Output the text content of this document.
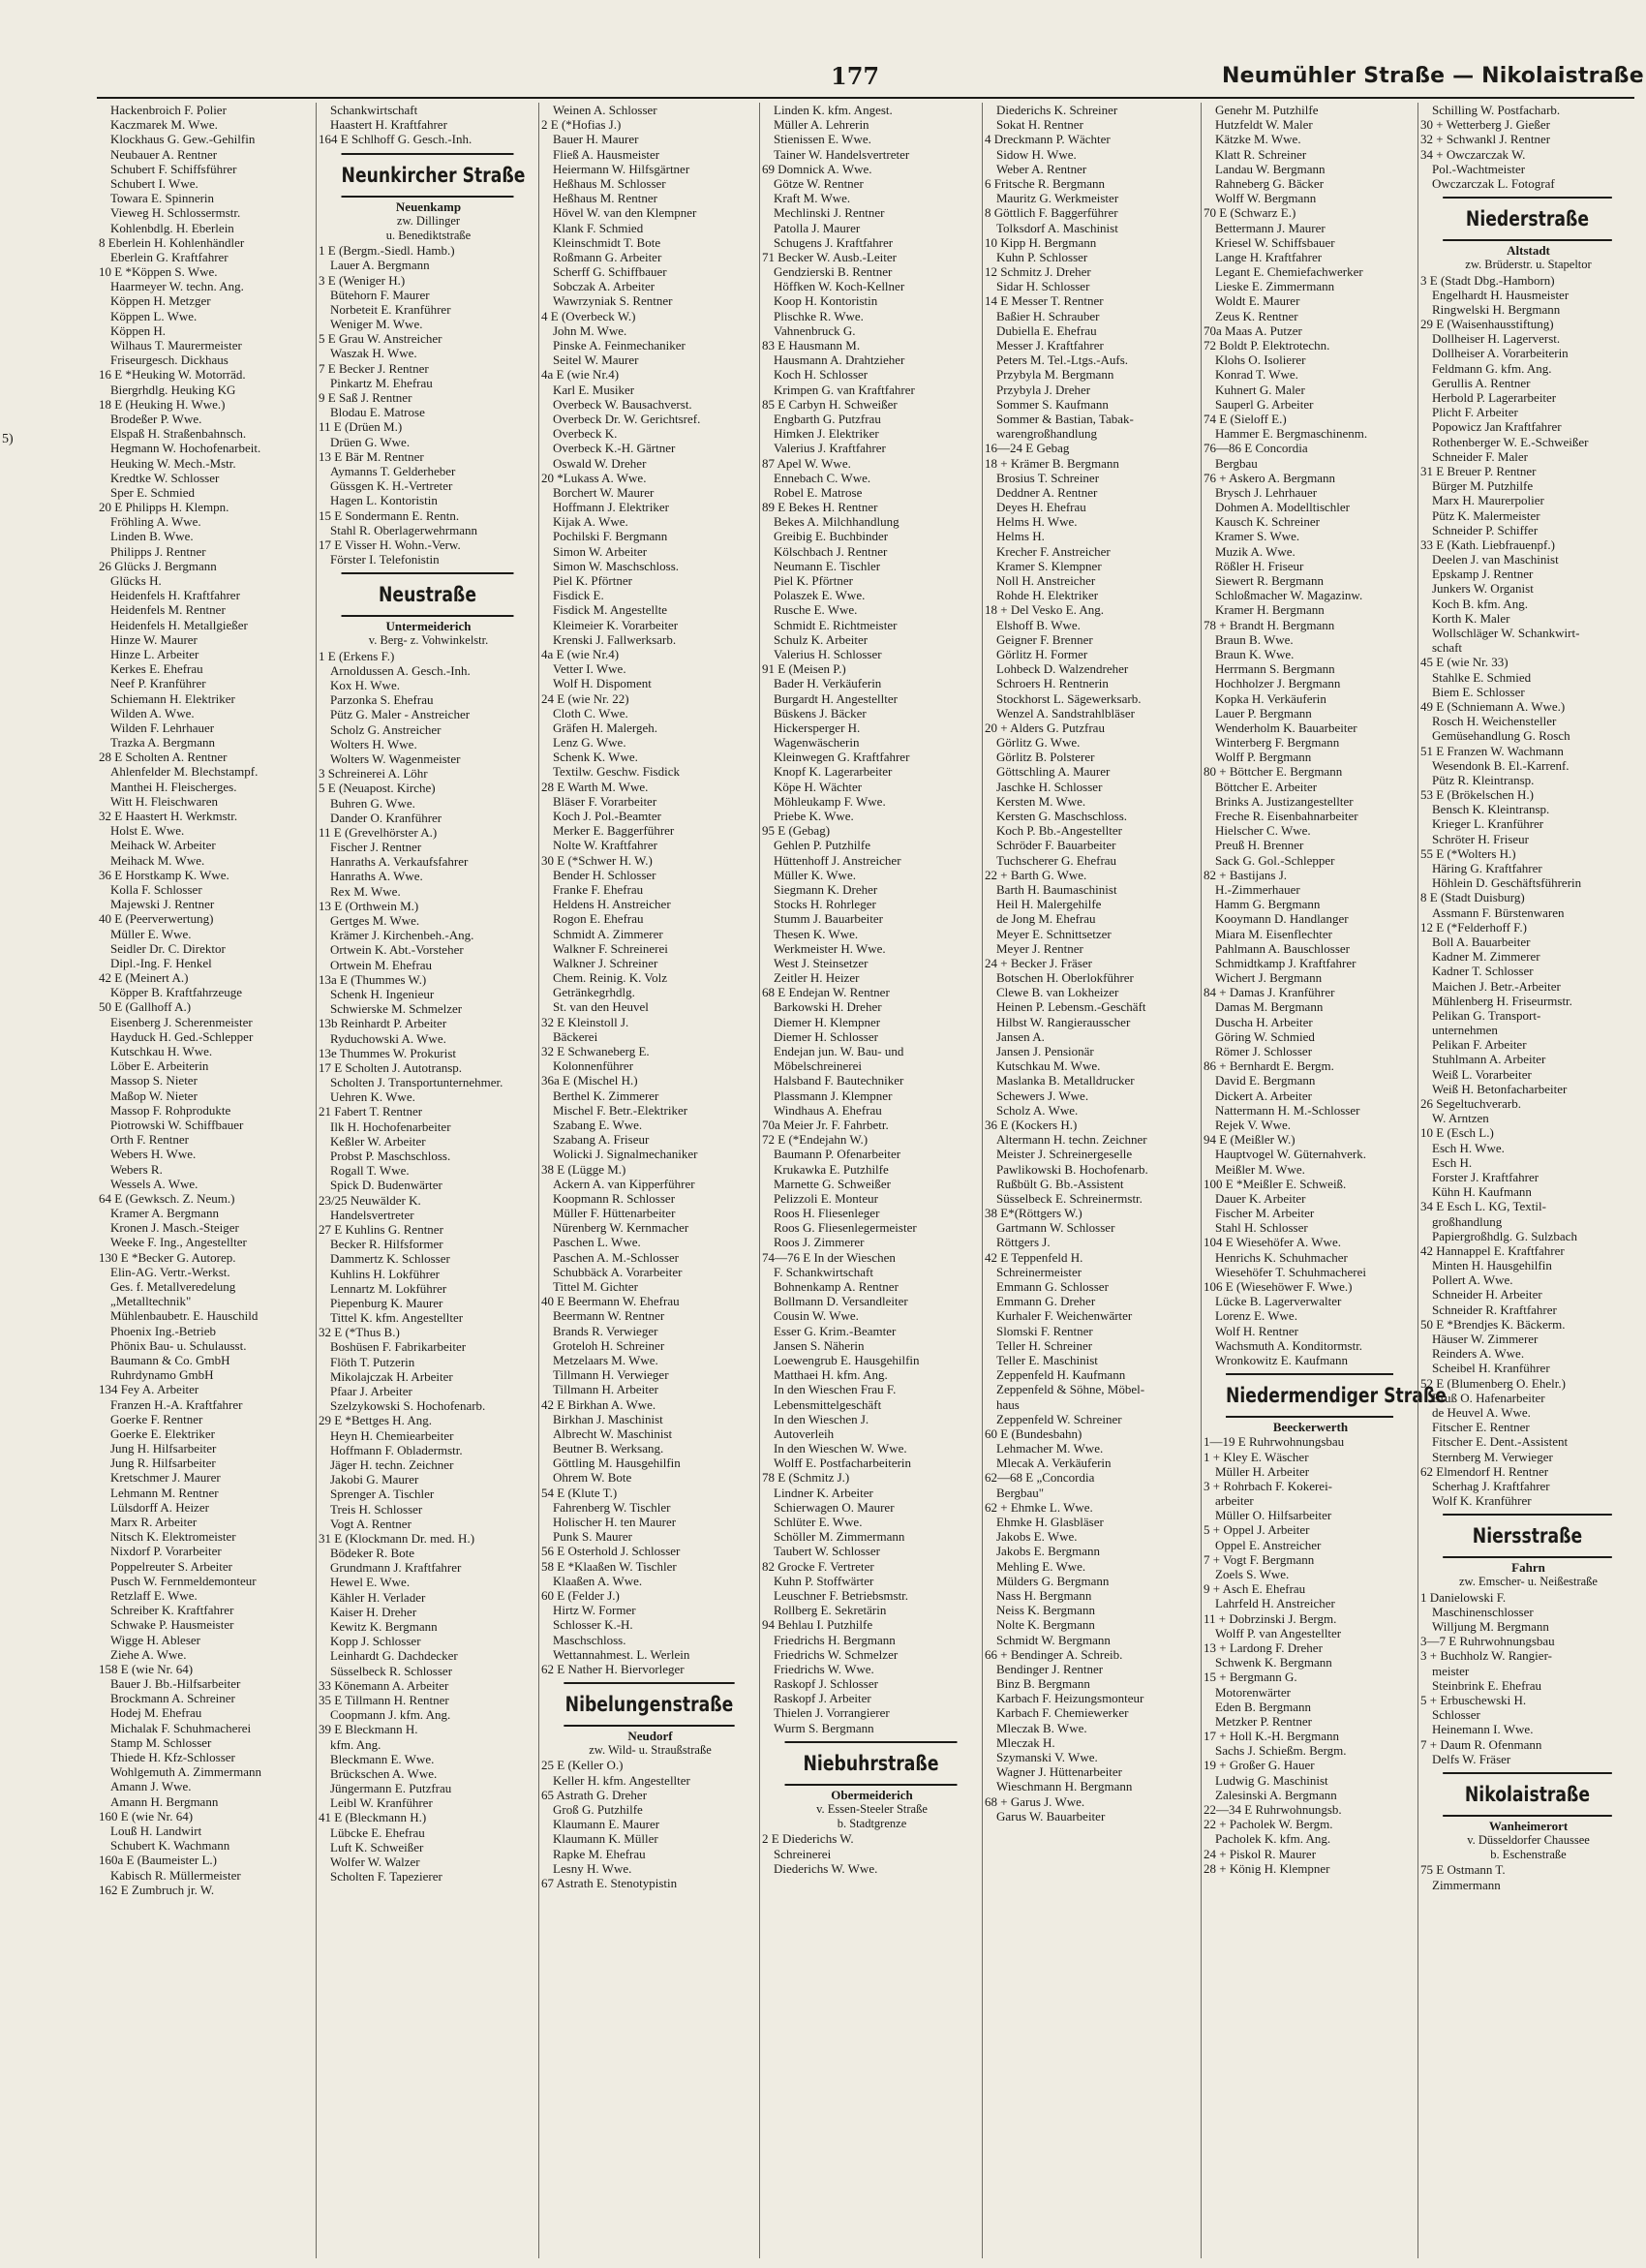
177	Neumühler Straße — Nikolaistraße
5)
Hackenbroich F. Polier
Kaczmarek M. Wwe.
Klockhaus G. Gew.-Gehilfin
Neubauer A. Rentner
Schubert F. Schiffsführer
Schubert I. Wwe.
Towara E. Spinnerin
Vieweg H. Schlossermstr.
Kohlenbdlg. H. Eberlein
8 Eberlein H. Kohlenhändler
Eberlein G. Kraftfahrer
10 E *Köppen S. Wwe.
Haarmeyer W. techn. Ang.
Köppen H. Metzger
Köppen L. Wwe.
Köppen H.
Wilhaus T. Maurermeister
Friseurgesch. Dickhaus
16 E *Heuking W. Motorräd.
Biergrhdlg. Heuking KG
18 E (Heuking H. Wwe.)
Brodeßer P. Wwe.
Elspaß H. Straßenbahnsch.
Hegmann W. Hochofenarbeit.
Heuking W. Mech.-Mstr.
Kredtke W. Schlosser
Sper E. Schmied
20 E Philipps H. Klempn.
Fröhling A. Wwe.
Linden B. Wwe.
Philipps J. Rentner
26 Glücks J. Bergmann
Glücks H.
Heidenfels H. Kraftfahrer
Heidenfels M. Rentner
Heidenfels H. Metallgießer
Hinze W. Maurer
Hinze L. Arbeiter
Kerkes E. Ehefrau
Neef P. Kranführer
Schiemann H. Elektriker
Wilden A. Wwe.
Wilden F. Lehrhauer
Trazka A. Bergmann
28 E Scholten A. Rentner
Ahlenfelder M. Blechstampf.
Manthei H. Fleischerges.
Witt H. Fleischwaren
32 E Haastert H. Werkmstr.
Holst E. Wwe.
Meihack W. Arbeiter
Meihack M. Wwe.
36 E Horstkamp K. Wwe.
Kolla F. Schlosser
Majewski J. Rentner
40 E (Peerverwertung)
Müller E. Wwe.
Seidler Dr. C. Direktor
Dipl.-Ing. F. Henkel
42 E (Meinert A.)
Köpper B. Kraftfahrzeuge
50 E (Gallhoff A.)
Eisenberg J. Scherenmeister
Hayduck H. Ged.-Schlepper
Kutschkau H. Wwe.
Löber E. Arbeiterin
Massop S. Nieter
Maßop W. Nieter
Massop F. Rohprodukte
Piotrowski W. Schiffbauer
Orth F. Rentner
Webers H. Wwe.
Webers R.
Wessels A. Wwe.
64 E (Gewksch. Z. Neum.)
Kramer A. Bergmann
Kronen J. Masch.-Steiger
Weeke F. Ing., Angestellter
130 E *Becker G. Autorep.
Elin-AG. Vertr.-Werkst.
Ges. f. Metallveredelung
„Metalltechnik"
Mühlenbaubetr. E. Hauschild
Phoenix Ing.-Betrieb
Phönix Bau- u. Schulausst.
Baumann & Co. GmbH
Ruhrdynamo GmbH
134 Fey A. Arbeiter
Franzen H.-A. Kraftfahrer
Goerke F. Rentner
Goerke E. Elektriker
Jung H. Hilfsarbeiter
Jung R. Hilfsarbeiter
Kretschmer J. Maurer
Lehmann M. Rentner
Lülsdorff A. Heizer
Marx R. Arbeiter
Nitsch K. Elektromeister
Nixdorf P. Vorarbeiter
Poppelreuter S. Arbeiter
Pusch W. Fernmeldemonteur
Retzlaff E. Wwe.
Schreiber K. Kraftfahrer
Schwake P. Hausmeister
Wigge H. Ableser
Ziehe A. Wwe.
158 E (wie Nr. 64)
Bauer J. Bb.-Hilfsarbeiter
Brockmann A. Schreiner
Hodej M. Ehefrau
Michalak F. Schuhmacherei
Stamp M. Schlosser
Thiede H. Kfz-Schlosser
Wohlgemuth A. Zimmermann
Amann J. Wwe.
Amann H. Bergmann
160 E (wie Nr. 64)
Louß H. Landwirt
Schubert K. Wachmann
160a E (Baumeister L.)
Kabisch R. Müllermeister
162 E Zumbruch jr. W.
Schankwirtschaft
Haastert H. Kraftfahrer
164 E Schlhoff G. Gesch.-Inh.
Neunkircher Straße
Neuenkamp
zw. Dillinger
u. Benediktstraße
1 E (Bergm.-Siedl. Hamb.)
Lauer A. Bergmann
3 E (Weniger H.)
Bütehorn F. Maurer
Norbeteit E. Kranführer
Weniger M. Wwe.
5 E Grau W. Anstreicher
Waszak H. Wwe.
7 E Becker J. Rentner
Pinkartz M. Ehefrau
9 E Saß J. Rentner
Blodau E. Matrose
11 E (Drüen M.)
Drüen G. Wwe.
13 E Bär M. Rentner
Aymanns T. Gelderheber
Güssgen K. H.-Vertreter
Hagen L. Kontoristin
15 E Sondermann E. Rentn.
Stahl R. Oberlagerwehrmann
17 E Visser H. Wohn.-Verw.
Förster I. Telefonistin
Neustraße
Untermeiderich
v. Berg- z. Vohwinkelstr.
1 E (Erkens F.)
Arnoldussen A. Gesch.-Inh.
Kox H. Wwe.
Parzonka S. Ehefrau
Pütz G. Maler - Anstreicher
Scholz G. Anstreicher
Wolters H. Wwe.
Wolters W. Wagenmeister
3 Schreinerei A. Löhr
5 E (Neuapost. Kirche)
Buhren G. Wwe.
Dander O. Kranführer
11 E (Grevelhörster A.)
Fischer J. Rentner
Hanraths A. Verkaufsfahrer
Hanraths A. Wwe.
Rex M. Wwe.
13 E (Orthwein M.)
Gertges M. Wwe.
Krämer J. Kirchenbeh.-Ang.
Ortwein K. Abt.-Vorsteher
Ortwein M. Ehefrau
13a E (Thummes W.)
Schenk H. Ingenieur
Schwierske M. Schmelzer
13b Reinhardt P. Arbeiter
Ryduchowski A. Wwe.
13e Thummes W. Prokurist
17 E Scholten J. Autotransp.
Scholten J. Transportunternehmer.
Uehren K. Wwe.
21 Fabert T. Rentner
Ilk H. Hochofenarbeiter
Keßler W. Arbeiter
Probst P. Maschschloss.
Rogall T. Wwe.
Spick D. Budenwärter
23/25 Neuwälder K.
Handelsvertreter
27 E Kuhlins G. Rentner
Becker R. Hilfsformer
Dammertz K. Schlosser
Kuhlins H. Lokführer
Lennartz M. Lokführer
Piepenburg K. Maurer
Tittel K. kfm. Angestellter
32 E (*Thus B.)
Boshüsen F. Fabrikarbeiter
Flöth T. Putzerin
Mikolajczak H. Arbeiter
Pfaar J. Arbeiter
Szelzykowski S. Hochofenarb.
29 E *Bettges H. Ang.
Heyn H. Chemiearbeiter
Hoffmann F. Obladermstr.
Jäger H. techn. Zeichner
Jakobi G. Maurer
Sprenger A. Tischler
Treis H. Schlosser
Vogt A. Rentner
31 E (Klockmann Dr. med. H.)
Bödeker R. Bote
Grundmann J. Kraftfahrer
Hewel E. Wwe.
Kähler H. Verlader
Kaiser H. Dreher
Kewitz K. Bergmann
Kopp J. Schlosser
Leinhardt G. Dachdecker
Süsselbeck R. Schlosser
33 Könemann A. Arbeiter
35 E Tillmann H. Rentner
Coopmann J. kfm. Ang.
39 E Bleckmann H.
kfm. Ang.
Bleckmann E. Wwe.
Brückschen A. Wwe.
Jüngermann E. Putzfrau
Leibl W. Kranführer
41 E (Bleckmann H.)
Lübcke E. Ehefrau
Luft K. Schweißer
Wolfer W. Walzer
Scholten F. Tapezierer
Weinen A. Schlosser
2 E (*Hofias J.)
Bauer H. Maurer
Fließ A. Hausmeister
Heiermann W. Hilfsgärtner
Heßhaus M. Schlosser
Heßhaus M. Rentner
Hövel W. van den Klempner
Klank F. Schmied
Kleinschmidt T. Bote
Roßmann G. Arbeiter
Scherff G. Schiffbauer
Sobczak A. Arbeiter
Wawrzyniak S. Rentner
4 E (Overbeck W.)
John M. Wwe.
Pinske A. Feinmechaniker
Seitel W. Maurer
4a E (wie Nr.4)
Karl E. Musiker
Overbeck W. Bausachverst.
Overbeck Dr. W. Gerichtsref.
Overbeck K.
Overbeck K.-H. Gärtner
Oswald W. Dreher
20 *Lukass A. Wwe.
Borchert W. Maurer
Hoffmann J. Elektriker
Kijak A. Wwe.
Pochilski F. Bergmann
Simon W. Arbeiter
Simon W. Maschschloss.
Piel K. Pförtner
Fisdick E.
Fisdick M. Angestellte
Kleimeier K. Vorarbeiter
Krenski J. Fallwerksarb.
4a E (wie Nr.4)
Vetter I. Wwe.
Wolf H. Dispoment
24 E (wie Nr. 22)
Cloth C. Wwe.
Gräfen H. Malergeh.
Lenz G. Wwe.
Schenk K. Wwe.
Textilw. Geschw. Fisdick
28 E Warth M. Wwe.
Bläser F. Vorarbeiter
Koch J. Pol.-Beamter
Merker E. Baggerführer
Nolte W. Kraftfahrer
30 E (*Schwer H. W.)
Bender H. Schlosser
Franke F. Ehefrau
Heldens H. Anstreicher
Rogon E. Ehefrau
Schmidt A. Zimmerer
Walkner F. Schreinerei
Walkner J. Schreiner
Chem. Reinig. K. Volz
Getränkegrhdlg.
St. van den Heuvel
32 E Kleinstoll J.
Bäckerei
32 E Schwaneberg E.
Kolonnenführer
36a E (Mischel H.)
Berthel K. Zimmerer
Mischel F. Betr.-Elektriker
Szabang E. Wwe.
Szabang A. Friseur
Wolicki J. Signalmechaniker
38 E (Lügge M.)
Ackern A. van Kipperführer
Koopmann R. Schlosser
Müller F. Hüttenarbeiter
Nürenberg W. Kernmacher
Paschen L. Wwe.
Paschen A. M.-Schlosser
Schubbäck A. Vorarbeiter
Tittel M. Gichter
40 E Beermann W. Ehefrau
Beermann W. Rentner
Brands R. Verwieger
Groteloh H. Schreiner
Metzelaars M. Wwe.
Tillmann H. Verwieger
Tillmann H. Arbeiter
42 E Birkhan A. Wwe.
Birkhan J. Maschinist
Albrecht W. Maschinist
Beutner B. Werksang.
Göttling M. Hausgehilfin
Ohrem W. Bote
54 E (Klute T.)
Fahrenberg W. Tischler
Holischer H. ten Maurer
Punk S. Maurer
56 E Osterhold J. Schlosser
58 E *Klaaßen W. Tischler
Klaaßen A. Wwe.
60 E (Felder J.)
Hirtz W. Former
Schlosser K.-H.
Maschschloss.
Wettannahmest. L. Werlein
62 E Nather H. Biervorleger
Nibelungenstraße
Neudorf
zw. Wild- u. Straußstraße
25 E (Keller O.)
Keller H. kfm. Angestellter
65 Astrath G. Dreher
Groß G. Putzhilfe
Klaumann E. Maurer
Klaumann K. Müller
Rapke M. Ehefrau
Lesny H. Wwe.
67 Astrath E. Stenotypistin
Linden K. kfm. Angest.
Müller A. Lehrerin
Stienissen E. Wwe.
Tainer W. Handelsvertreter
69 Domnick A. Wwe.
Götze W. Rentner
Kraft M. Wwe.
Mechlinski J. Rentner
Patolla J. Maurer
Schugens J. Kraftfahrer
71 Becker W. Ausb.-Leiter
Gendzierski B. Rentner
Höffken W. Koch-Kellner
Koop H. Kontoristin
Plischke R. Wwe.
Vahnenbruck G.
83 E Hausmann M.
Hausmann A. Drahtzieher
Koch H. Schlosser
Krimpen G. van Kraftfahrer
85 E Carbyn H. Schweißer
Engbarth G. Putzfrau
Himken J. Elektriker
Valerius J. Kraftfahrer
87 Apel W. Wwe.
Ennebach C. Wwe.
Robel E. Matrose
89 E Bekes H. Rentner
Bekes A. Milchhandlung
Greibig E. Buchbinder
Kölschbach J. Rentner
Neumann E. Tischler
Piel K. Pförtner
Polaszek E. Wwe.
Rusche E. Wwe.
Schmidt E. Richtmeister
Schulz K. Arbeiter
Valerius H. Schlosser
91 E (Meisen P.)
Bader H. Verkäuferin
Burgardt H. Angestellter
Büskens J. Bäcker
Hickersperger H.
Wagenwäscherin
Kleinwegen G. Kraftfahrer
Knopf K. Lagerarbeiter
Köpe H. Wächter
Möhleukamp F. Wwe.
Priebe K. Wwe.
95 E (Gebag)
Gehlen P. Putzhilfe
Hüttenhoff J. Anstreicher
Müller K. Wwe.
Siegmann K. Dreher
Stocks H. Rohrleger
Stumm J. Bauarbeiter
Thesen K. Wwe.
Werkmeister H. Wwe.
West J. Steinsetzer
Zeitler H. Heizer
68 E Endejan W. Rentner
Barkowski H. Dreher
Diemer H. Klempner
Diemer H. Schlosser
Endejan jun. W. Bau- und
Möbelschreinerei
Halsband F. Bautechniker
Plassmann J. Klempner
Windhaus A. Ehefrau
70a Meier Jr. F. Fahrbetr.
72 E (*Endejahn W.)
Baumann P. Ofenarbeiter
Krukawka E. Putzhilfe
Marnette G. Schweißer
Pelizzoli E. Monteur
Roos H. Fliesenleger
Roos G. Fliesenlegermeister
Roos J. Zimmerer
74—76 E In der Wieschen
F. Schankwirtschaft
Bohnenkamp A. Rentner
Bollmann D. Versandleiter
Cousin W. Wwe.
Esser G. Krim.-Beamter
Jansen S. Näherin
Loewengrub E. Hausgehilfin
Matthaei H. kfm. Ang.
In den Wieschen Frau F.
Lebensmittelgeschäft
In den Wieschen J.
Autoverleih
In den Wieschen W. Wwe.
Wolff E. Postfacharbeiterin
78 E (Schmitz J.)
Lindner K. Arbeiter
Schierwagen O. Maurer
Schlüter E. Wwe.
Schöller M. Zimmermann
Taubert W. Schlosser
82 Grocke F. Vertreter
Kuhn P. Stoffwärter
Leuschner F. Betriebsmstr.
Rollberg E. Sekretärin
94 Behlau I. Putzhilfe
Friedrichs H. Bergmann
Friedrichs W. Schmelzer
Friedrichs W. Wwe.
Raskopf J. Schlosser
Raskopf J. Arbeiter
Thielen J. Vorrangierer
Wurm S. Bergmann
Niebuhrstraße
Obermeiderich
v. Essen-Steeler Straße
b. Stadtgrenze
2 E Diederichs W.
Schreinerei
Diederichs W. Wwe.
Diederichs K. Schreiner
Sokat H. Rentner
4 Dreckmann P. Wächter
Sidow H. Wwe.
Weber A. Rentner
6 Fritsche R. Bergmann
Mauritz G. Werkmeister
8 Göttlich F. Baggerführer
Tolksdorf A. Maschinist
10 Kipp H. Bergmann
Kuhn P. Schlosser
12 Schmitz J. Dreher
Sidar H. Schlosser
14 E Messer T. Rentner
Baßier H. Schrauber
Dubiella E. Ehefrau
Messer J. Kraftfahrer
Peters M. Tel.-Ltgs.-Aufs.
Przybyla M. Bergmann
Przybyla J. Dreher
Sommer S. Kaufmann
Sommer & Bastian, Tabak-
warengroßhandlung
16—24 E Gebag
18 + Krämer B. Bergmann
Brosius T. Schreiner
Deddner A. Rentner
Deyes H. Ehefrau
Helms H. Wwe.
Helms H.
Krecher F. Anstreicher
Kramer S. Klempner
Noll H. Anstreicher
Rohde H. Elektriker
18 + Del Vesko E. Ang.
Elshoff B. Wwe.
Geigner F. Brenner
Görlitz H. Former
Lohbeck D. Walzendreher
Schroers H. Rentnerin
Stockhorst L. Sägewerksarb.
Wenzel A. Sandstrahlbläser
20 + Alders G. Putzfrau
Görlitz G. Wwe.
Görlitz B. Polsterer
Göttschling A. Maurer
Jaschke H. Schlosser
Kersten M. Wwe.
Kersten G. Maschschloss.
Koch P. Bb.-Angestellter
Schröder F. Bauarbeiter
Tuchscherer G. Ehefrau
22 + Barth G. Wwe.
Barth H. Baumaschinist
Heil H. Malergehilfe
de Jong M. Ehefrau
Meyer E. Schnittsetzer
Meyer J. Rentner
24 + Becker J. Fräser
Botschen H. Oberlokführer
Clewe B. van Lokheizer
Heinen P. Lebensm.-Geschäft
Hilbst W. Rangierausscher
Jansen A.
Jansen J. Pensionär
Kutschkau M. Wwe.
Maslanka B. Metalldrucker
Schewers J. Wwe.
Scholz A. Wwe.
36 E (Kockers H.)
Altermann H. techn. Zeichner
Meister J. Schreinergeselle
Pawlikowski B. Hochofenarb.
Rußbült G. Bb.-Assistent
Süsselbeck E. Schreinermstr.
38 E*(Röttgers W.)
Gartmann W. Schlosser
Röttgers J.
42 E Teppenfeld H.
Schreinermeister
Emmann G. Schlosser
Emmann G. Dreher
Kurhaler F. Weichenwärter
Slomski F. Rentner
Teller H. Schreiner
Teller E. Maschinist
Zeppenfeld H. Kaufmann
Zeppenfeld & Söhne, Möbel-
haus
Zeppenfeld W. Schreiner
60 E (Bundesbahn)
Lehmacher M. Wwe.
Mlecak A. Verkäuferin
62—68 E „Concordia
Bergbau"
62 + Ehmke L. Wwe.
Ehmke H. Glasbläser
Jakobs E. Wwe.
Jakobs E. Bergmann
Mehling E. Wwe.
Mülders G. Bergmann
Nass H. Bergmann
Neiss K. Bergmann
Nolte K. Bergmann
Schmidt W. Bergmann
66 + Bendinger A. Schreib.
Bendinger J. Rentner
Binz B. Bergmann
Karbach F. Heizungsmonteur
Karbach F. Chemiewerker
Mleczak B. Wwe.
Mleczak H.
Szymanski V. Wwe.
Wagner J. Hüttenarbeiter
Wieschmann H. Bergmann
68 + Garus J. Wwe.
Garus W. Bauarbeiter
Genehr M. Putzhilfe
Hutzfeldt W. Maler
Kätzke M. Wwe.
Klatt R. Schreiner
Landau W. Bergmann
Rahneberg G. Bäcker
Wolff W. Bergmann
70 E (Schwarz E.)
Bettermann J. Maurer
Kriesel W. Schiffsbauer
Lange H. Kraftfahrer
Legant E. Chemiefachwerker
Lieske E. Zimmermann
Woldt E. Maurer
Zeus K. Rentner
70a Maas A. Putzer
72 Boldt P. Elektrotechn.
Klohs O. Isolierer
Konrad T. Wwe.
Kuhnert G. Maler
Sauperl G. Arbeiter
74 E (Sieloff E.)
Hammer E. Bergmaschinenm.
76—86 E Concordia
Bergbau
76 + Askero A. Bergmann
Brysch J. Lehrhauer
Dohmen A. Modelltischler
Kausch K. Schreiner
Kramer S. Wwe.
Muzik A. Wwe.
Rößler H. Friseur
Siewert R. Bergmann
Schloßmacher W. Magazinw.
Kramer H. Bergmann
78 + Brandt H. Bergmann
Braun B. Wwe.
Braun K. Wwe.
Herrmann S. Bergmann
Hochholzer J. Bergmann
Kopka H. Verkäuferin
Lauer P. Bergmann
Wenderholm K. Bauarbeiter
Winterberg F. Bergmann
Wolff P. Bergmann
80 + Böttcher E. Bergmann
Böttcher E. Arbeiter
Brinks A. Justizangestellter
Freche R. Eisenbahnarbeiter
Hielscher C. Wwe.
Preuß H. Brenner
Sack G. Gol.-Schlepper
82 + Bastijans J.
H.-Zimmerhauer
Hamm G. Bergmann
Kooymann D. Handlanger
Miara M. Eisenflechter
Pahlmann A. Bauschlosser
Schmidtkamp J. Kraftfahrer
Wichert J. Bergmann
84 + Damas J. Kranführer
Damas M. Bergmann
Duscha H. Arbeiter
Göring W. Schmied
Römer J. Schlosser
86 + Bernhardt E. Bergm.
David E. Bergmann
Dickert A. Arbeiter
Nattermann H. M.-Schlosser
Rejek V. Wwe.
94 E (Meißler W.)
Hauptvogel W. Güternahverk.
Meißler M. Wwe.
100 E *Meißler E. Schweiß.
Dauer K. Arbeiter
Fischer M. Arbeiter
Stahl H. Schlosser
104 E Wiesehöfer A. Wwe.
Henrichs K. Schuhmacher
Wiesehöfer T. Schuhmacherei
106 E (Wiesehöwer F. Wwe.)
Lücke B. Lagerverwalter
Lorenz E. Wwe.
Wolf H. Rentner
Wachsmuth A. Konditormstr.
Wronkowitz E. Kaufmann
Niedermendiger Straße
Beeckerwerth
1—19 E Ruhrwohnungsbau
1 + Kley E. Wäscher
Müller H. Arbeiter
3 + Rohrbach F. Kokerei-
arbeiter
Müller O. Hilfsarbeiter
5 + Oppel J. Arbeiter
Oppel E. Anstreicher
7 + Vogt F. Bergmann
Zoels S. Wwe.
9 + Asch E. Ehefrau
Lahrfeld H. Anstreicher
11 + Dobrzinski J. Bergm.
Wolff P. van Angestellter
13 + Lardong F. Dreher
Schwenk K. Bergmann
15 + Bergmann G.
Motorenwärter
Eden B. Bergmann
Metzker P. Rentner
17 + Holl K.-H. Bergmann
Sachs J. Schießm. Bergm.
19 + Großer G. Hauer
Ludwig G. Maschinist
Zalesinski A. Bergmann
22—34 E Ruhrwohnungsb.
22 + Pacholek W. Bergm.
Pacholek K. kfm. Ang.
24 + Piskol R. Maurer
28 + König H. Klempner
Schilling W. Postfacharb.
30 + Wetterberg J. Gießer
32 + Schwankl J. Rentner
34 + Owczarczak W.
Pol.-Wachtmeister
Owczarczak L. Fotograf
Niederstraße
Altstadt
zw. Brüderstr. u. Stapeltor
3 E (Stadt Dbg.-Hamborn)
Engelhardt H. Hausmeister
Ringwelski H. Bergmann
29 E (Waisenhausstiftung)
Dollheiser H. Lagerverst.
Dollheiser A. Vorarbeiterin
Feldmann G. kfm. Ang.
Gerullis A. Rentner
Herbold P. Lagerarbeiter
Plicht F. Arbeiter
Popowicz Jan Kraftfahrer
Rothenberger W. E.-Schweißer
Schneider F. Maler
31 E Breuer P. Rentner
Bürger M. Putzhilfe
Marx H. Maurerpolier
Pütz K. Malermeister
Schneider P. Schiffer
33 E (Kath. Liebfrauenpf.)
Deelen J. van Maschinist
Epskamp J. Rentner
Junkers W. Organist
Koch B. kfm. Ang.
Korth K. Maler
Wollschläger W. Schankwirt-
schaft
45 E (wie Nr. 33)
Stahlke E. Schmied
Biem E. Schlosser
49 E (Schniemann A. Wwe.)
Rosch H. Weichensteller
Gemüsehandlung G. Rosch
51 E Franzen W. Wachmann
Wesendonk B. El.-Karrenf.
Pütz R. Kleintransp.
53 E (Brökelschen H.)
Bensch K. Kleintransp.
Krieger L. Kranführer
Schröter H. Friseur
55 E (*Wolters H.)
Häring G. Kraftfahrer
Höhlein D. Geschäftsführerin
8 E (Stadt Duisburg)
Assmann F. Bürstenwaren
12 E (*Felderhoff F.)
Boll A. Bauarbeiter
Kadner M. Zimmerer
Kadner T. Schlosser
Maichen J. Betr.-Arbeiter
Mühlenberg H. Friseurmstr.
Pelikan G. Transport-
unternehmen
Pelikan F. Arbeiter
Stuhlmann A. Arbeiter
Weiß L. Vorarbeiter
Weiß H. Betonfacharbeiter
26 Segeltuchverarb.
W. Arntzen
10 E (Esch L.)
Esch H. Wwe.
Esch H.
Forster J. Kraftfahrer
Kühn H. Kaufmann
34 E Esch L. KG, Textil-
großhandlung
Papiergroßhdlg. G. Sulzbach
42 Hannappel E. Kraftfahrer
Minten H. Hausgehilfin
Pollert A. Wwe.
Schneider H. Arbeiter
Schneider R. Kraftfahrer
50 E *Brendjes K. Bäckerm.
Häuser W. Zimmerer
Reinders A. Wwe.
Scheibel H. Kranführer
52 E (Blumenberg O. Ehelr.)
Bruß O. Hafenarbeiter
de Heuvel A. Wwe.
Fitscher E. Rentner
Fitscher E. Dent.-Assistent
Sternberg M. Verwieger
62 Elmendorf H. Rentner
Scherhag J. Kraftfahrer
Wolf K. Kranführer
Niersstraße
Fahrn
zw. Emscher- u. Neißestraße
1 Danielowski F.
Maschinenschlosser
Willjung M. Bergmann
3—7 E Ruhrwohnungsbau
3 + Buchholz W. Rangier-
meister
Steinbrink E. Ehefrau
5 + Erbuschewski H.
Schlosser
Heinemann I. Wwe.
7 + Daum R. Ofenmann
Delfs W. Fräser
Nikolaistraße
Wanheimerort
v. Düsseldorfer Chaussee
b. Eschenstraße
75 E Ostmann T.
Zimmermann
